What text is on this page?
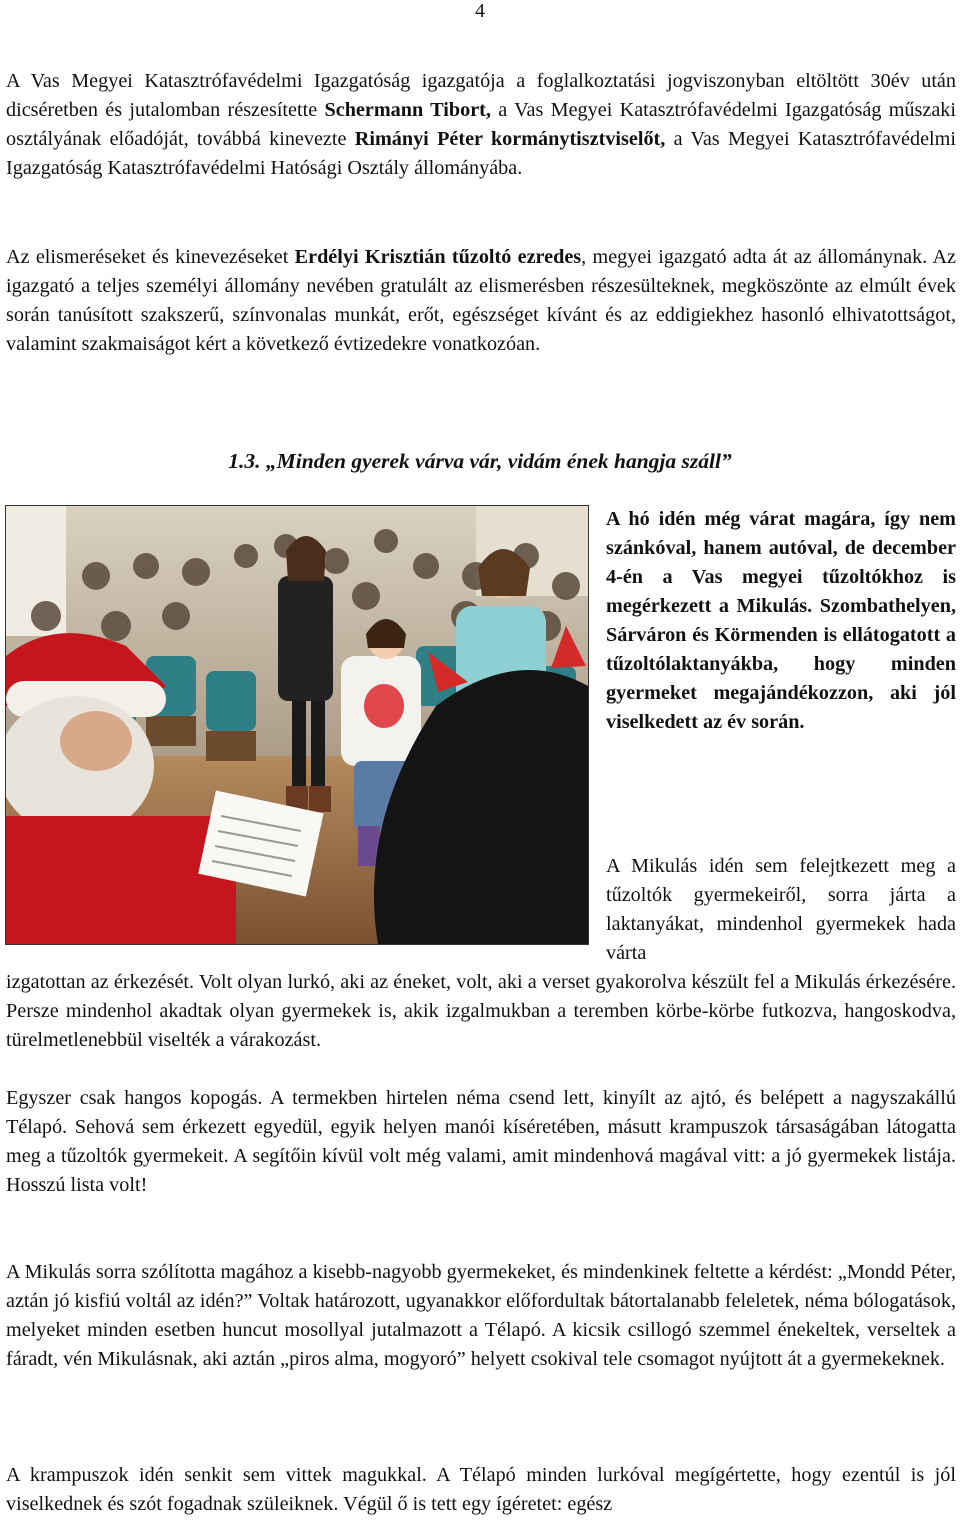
4

A Vas Megyei Katasztrófavédelmi Igazgatóság igazgatója a foglalkoztatási jogviszonyban eltöltött 30év után dicséretben és jutalomban részesítette Schermann Tibort, a Vas Megyei Katasztrófavédelmi Igazgatóság műszaki osztályának előadóját, továbbá kinevezte Rimányi Péter kormánytisztviselőt, a Vas Megyei Katasztrófavédelmi Igazgatóság Katasztrófavédelmi Hatósági Osztály állományába.

Az elismeréseket és kinevezéseket Erdélyi Krisztián tűzoltó ezredes, megyei igazgató adta át az állománynak. Az igazgató a teljes személyi állomány nevében gratulált az elismerésben részesülteknek, megköszönte az elmúlt évek során tanúsított szakszerű, színvonalas munkát, erőt, egészséget kívánt és az eddigiekhez hasonló elhivatottságot, valamint szakmaiságot kért a következő évtizedekre vonatkozóan.

1.3. „Minden gyerek várva vár, vidám ének hangja száll”

A hó idén még várat magára, így nem szánkóval, hanem autóval, de december 4-én a Vas megyei tűzoltókhoz is megérkezett a Mikulás. Szombathelyen, Sárváron és Körmenden is ellátogatott a tűzoltólaktanyákba, hogy minden gyermeket megajándékozzon, aki jól viselkedett az év során.

A Mikulás idén sem felejtkezett meg a tűzoltók gyermekeiről, sorra járta a laktanyákat, mindenhol gyermekek hada várta

izgatottan az érkezését. Volt olyan lurkó, aki az éneket, volt, aki a verset gyakorolva készült fel a Mikulás érkezésére. Persze mindenhol akadtak olyan gyermekek is, akik izgalmukban a teremben körbe-körbe futkozva, hangoskodva, türelmetlenebbül viselték a várakozást.

Egyszer csak hangos kopogás. A termekben hirtelen néma csend lett, kinyílt az ajtó, és belépett a nagyszakállú Télapó. Sehová sem érkezett egyedül, egyik helyen manói kíséretében, másutt krampuszok társaságában látogatta meg a tűzoltók gyermekeit. A segítőin kívül volt még valami, amit mindenhová magával vitt: a jó gyermekek listája. Hosszú lista volt!

A Mikulás sorra szólította magához a kisebb-nagyobb gyermekeket, és mindenkinek feltette a kérdést: „Mondd Péter, aztán jó kisfiú voltál az idén?” Voltak határozott, ugyanakkor előfordultak bátortalanabb feleletek, néma bólogatások, melyeket minden esetben huncut mosollyal jutalmazott a Télapó. A kicsik csillogó szemmel énekeltek, verseltek a fáradt, vén Mikulásnak, aki aztán „piros alma, mogyoró” helyett csokival tele csomagot nyújtott át a gyermekeknek.

A krampuszok idén senkit sem vittek magukkal. A Télapó minden lurkóval megígértette, hogy ezentúl is jól viselkednek és szót fogadnak szüleiknek. Végül ő is tett egy ígéretet: egész
